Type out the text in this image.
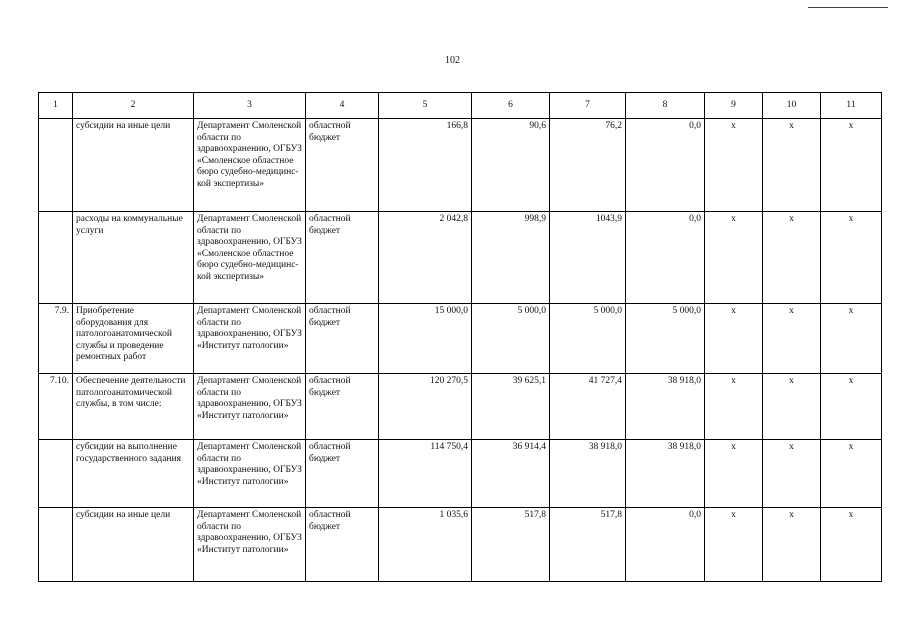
102
1	2	3	4	5	6	7	8	9	10	11
	субсидии на иные цели	Департамент Смоленской области по здравоохранению, ОГБУЗ «Смоленское областное бюро судебно-медицинс-кой экспертизы»	областной бюджет	166,8	90,6	76,2	0,0	х	х	х
	расходы на коммунальные услуги	Департамент Смоленской области по здравоохранению, ОГБУЗ «Смоленское областное бюро судебно-медицинс-кой экспертизы»	областной бюджет	2 042,8	998,9	1043,9	0,0	х	х	х
7.9.	Приобретение оборудования для патологоанатомической службы и проведение ремонтных работ	Департамент Смоленской области по здравоохранению, ОГБУЗ «Институт патологии»	областной бюджет	15 000,0	5 000,0	5 000,0	5 000,0	х	х	х
7.10.	Обеспечение деятельности патологоанатомической службы, в том числе:	Департамент Смоленской области по здравоохранению, ОГБУЗ «Институт патологии»	областной бюджет	120 270,5	39 625,1	41 727,4	38 918,0	х	х	х
	субсидии на выполнение государственного задания	Департамент Смоленской области по здравоохранению, ОГБУЗ «Институт патологии»	областной бюджет	114 750,4	36 914,4	38 918,0	38 918,0	х	х	х
	субсидии на иные цели	Департамент Смоленской области по здравоохранению, ОГБУЗ «Институт патологии»	областной бюджет	1 035,6	517,8	517,8	0,0	х	х	х
